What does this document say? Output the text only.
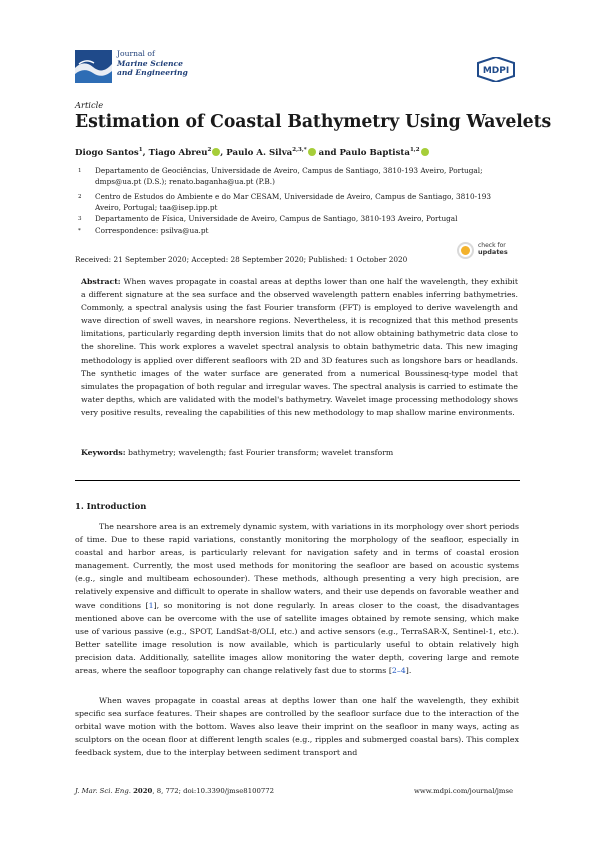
Journal of
Marine Science
and Engineering	MDPI
Article
Estimation of Coastal Bathymetry Using Wavelets
Diogo Santos$^1$, Tiago Abreu$^2$ , Paulo A. Silva$^{2,3,*}$ and Paulo Baptista$^{1,2}$
1 Departamento de Geociências, Universidade de Aveiro, Campus de Santiago, 3810-193 Aveiro, Portugal; dmps@ua.pt (D.S.); renato.baganha@ua.pt (P.B.)
2 Centro de Estudos do Ambiente e do Mar CESAM, Universidade de Aveiro, Campus de Santiago, 3810-193 Aveiro, Portugal; taa@isep.ipp.pt
3 Departamento de Física, Universidade de Aveiro, Campus de Santiago, 3810-193 Aveiro, Portugal
* Correspondence: psilva@ua.pt
Received: 21 September 2020; Accepted: 28 September 2020; Published: 1 October 2020
check for
updates
Abstract: When waves propagate in coastal areas at depths lower than one half the wavelength, they exhibit a different signature at the sea surface and the observed wavelength pattern enables inferring bathymetries. Commonly, a spectral analysis using the fast Fourier transform (FFT) is employed to derive wavelength and wave direction of swell waves, in nearshore regions. Nevertheless, it is recognized that this method presents limitations, particularly regarding depth inversion limits that do not allow obtaining bathymetric data close to the shoreline. This work explores a wavelet spectral analysis to obtain bathymetric data. This new imaging methodology is applied over different seafloors with 2D and 3D features such as longshore bars or headlands. The synthetic images of the water surface are generated from a numerical Boussinesq-type model that simulates the propagation of both regular and irregular waves. The spectral analysis is carried to estimate the water depths, which are validated with the model's bathymetry. Wavelet image processing methodology shows very positive results, revealing the capabilities of this new methodology to map shallow marine environments.
Keywords: bathymetry; wavelength; fast Fourier transform; wavelet transform
1. Introduction
The nearshore area is an extremely dynamic system, with variations in its morphology over short periods of time. Due to these rapid variations, constantly monitoring the morphology of the seafloor, especially in coastal and harbor areas, is particularly relevant for navigation safety and in terms of coastal erosion management. Currently, the most used methods for monitoring the seafloor are based on acoustic systems (e.g., single and multibeam echosounder). These methods, although presenting a very high precision, are relatively expensive and difficult to operate in shallow waters, and their use depends on favorable weather and wave conditions [1], so monitoring is not done regularly. In areas closer to the coast, the disadvantages mentioned above can be overcome with the use of satellite images obtained by remote sensing, which make use of various passive (e.g., SPOT, LandSat-8/OLI, etc.) and active sensors (e.g., TerraSAR-X, Sentinel-1, etc.). Better satellite image resolution is now available, which is particularly useful to obtain relatively high precision data. Additionally, satellite images allow monitoring the water depth, covering large and remote areas, where the seafloor topography can change relatively fast due to storms [2–4].
When waves propagate in coastal areas at depths lower than one half the wavelength, they exhibit specific sea surface features. Their shapes are controlled by the seafloor surface due to the interaction of the orbital wave motion with the bottom. Waves also leave their imprint on the seafloor in many ways, acting as sculptors on the ocean floor at different length scales (e.g., ripples and submerged coastal bars). This complex feedback system, due to the interplay between sediment transport and
J. Mar. Sci. Eng. 2020, 8, 772; doi:10.3390/jmse8100772	www.mdpi.com/journal/jmse
